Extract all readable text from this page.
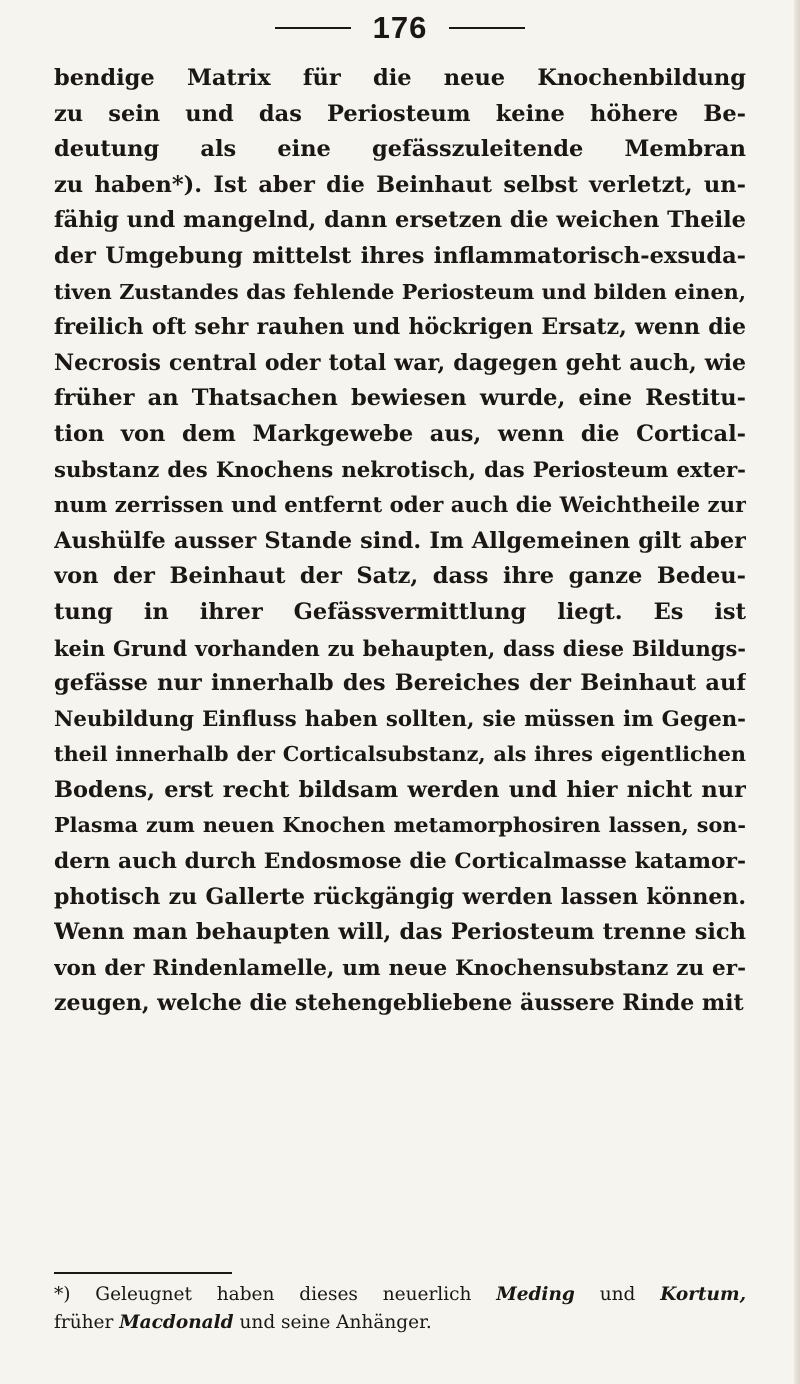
176
bendige Matrix für die neue Knochenbildung
zu sein und das Periosteum keine höhere Be-
deutung als eine gefässzuleitende Membran
zu haben*). Ist aber die Beinhaut selbst verletzt, un-
fähig und mangelnd, dann ersetzen die weichen Theile
der Umgebung mittelst ihres inflammatorisch-exsuda-
tiven Zustandes das fehlende Periosteum und bilden einen,
freilich oft sehr rauhen und höckrigen Ersatz, wenn die
Necrosis central oder total war, dagegen geht auch, wie
früher an Thatsachen bewiesen wurde, eine Restitu-
tion von dem Markgewebe aus, wenn die Cortical-
substanz des Knochens nekrotisch, das Periosteum exter-
num zerrissen und entfernt oder auch die Weichtheile zur
Aushülfe ausser Stande sind. Im Allgemeinen gilt aber
von der Beinhaut der Satz, dass ihre ganze Bedeu-
tung in ihrer Gefässvermittlung liegt. Es ist
kein Grund vorhanden zu behaupten, dass diese Bildungs-
gefässe nur innerhalb des Bereiches der Beinhaut auf
Neubildung Einfluss haben sollten, sie müssen im Gegen-
theil innerhalb der Corticalsubstanz, als ihres eigentlichen
Bodens, erst recht bildsam werden und hier nicht nur
Plasma zum neuen Knochen metamorphosiren lassen, son-
dern auch durch Endosmose die Corticalmasse katamor-
photisch zu Gallerte rückgängig werden lassen können.
Wenn man behaupten will, das Periosteum trenne sich
von der Rindenlamelle, um neue Knochensubstanz zu er-
zeugen, welche die stehengebliebene äussere Rinde mit
*) Geleugnet haben dieses neuerlich Meding und Kortum,
früher Macdonald und seine Anhänger.
